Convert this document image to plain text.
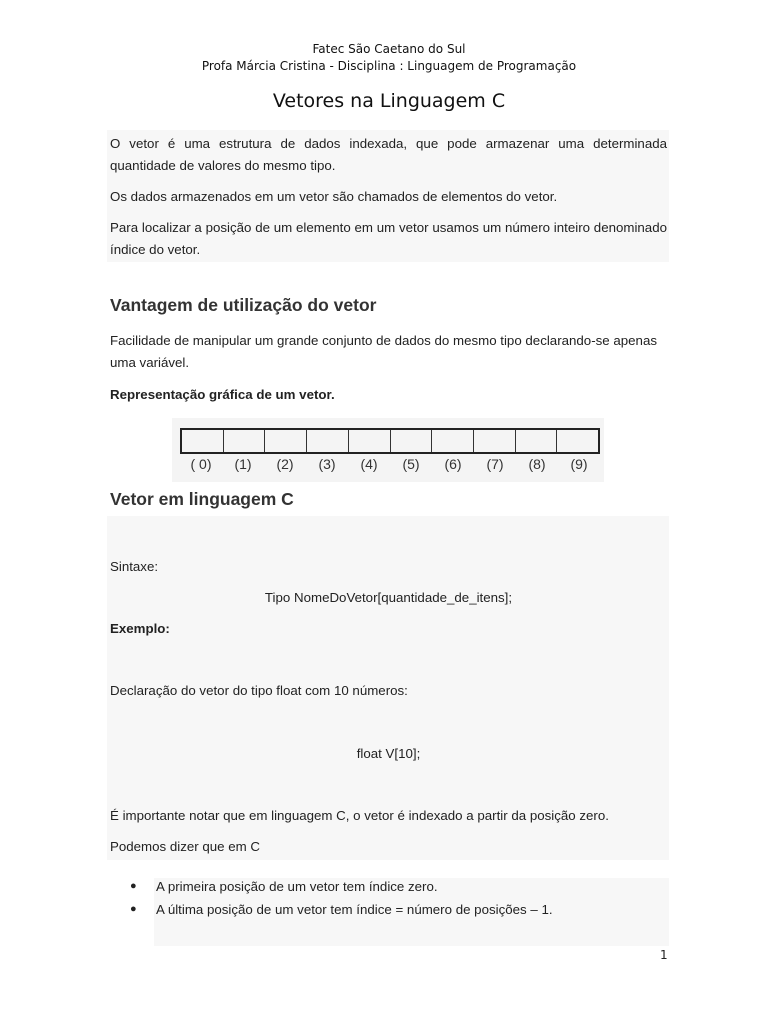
Fatec São Caetano do Sul
Profa Márcia Cristina - Disciplina : Linguagem de Programação
Vetores na Linguagem C
O vetor é uma estrutura de dados indexada, que pode armazenar uma determinada quantidade de valores do mesmo tipo.
Os dados armazenados em um vetor são chamados de elementos do vetor.
Para localizar a posição de um elemento em um vetor usamos um número inteiro denominado índice do vetor.
Vantagem de utilização do vetor
Facilidade de manipular um grande conjunto de dados do mesmo tipo declarando-se apenas uma variável.
Representação gráfica de um vetor.
( 0)	(1)	(2)	(3)	(4)	(5)	(6)	(7)	(8)	(9)
Vetor em linguagem C
Sintaxe:
Tipo NomeDoVetor[quantidade_de_itens];
Exemplo:
Declaração do vetor do tipo float com 10 números:
float V[10];
É importante notar que em linguagem C, o vetor é indexado a partir da posição zero.
Podemos dizer que em C
● A primeira posição de um vetor tem índice zero.
● A última posição de um vetor tem índice = número de posições – 1.
1
